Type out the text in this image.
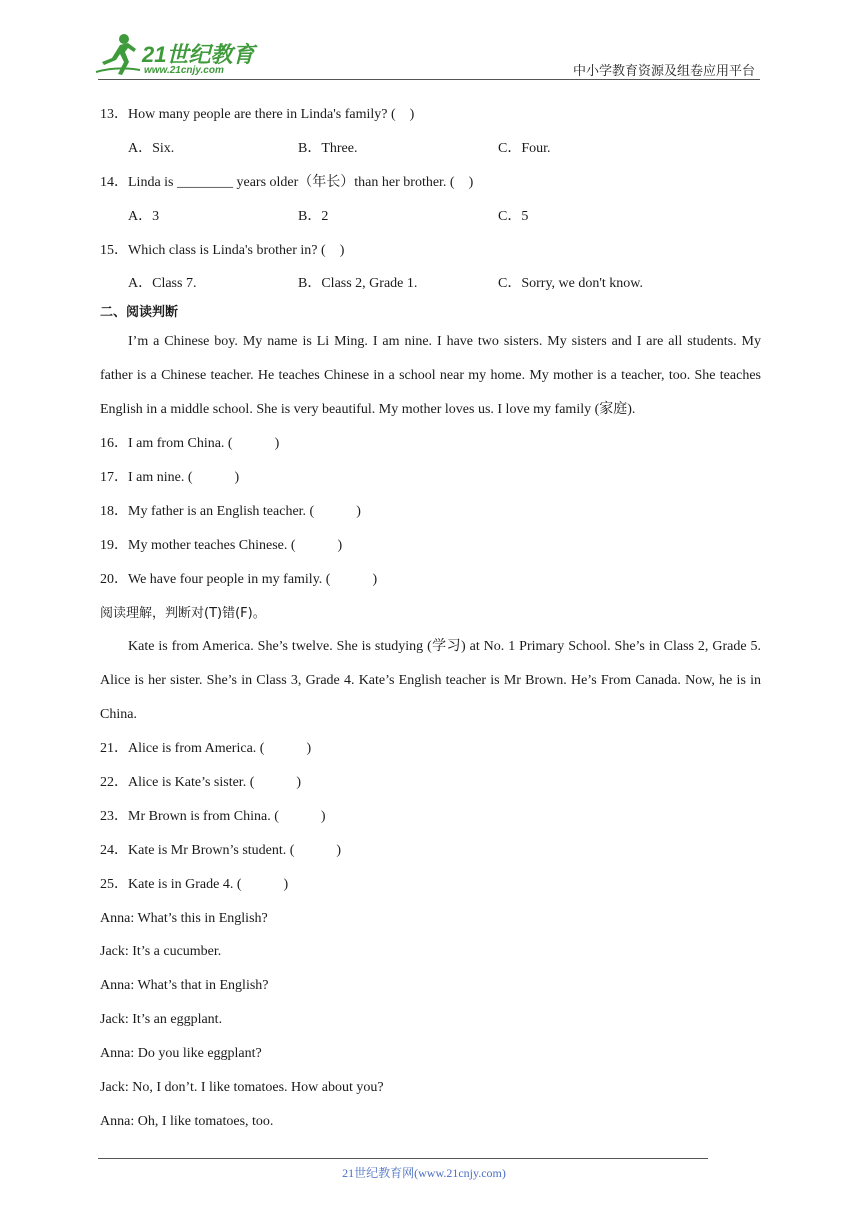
21世纪教育
www.21cnjy.com	中小学教育资源及组卷应用平台
13．How many people are there in Linda's family? (　)
A．Six.	B．Three.	C．Four.
14．Linda is ________ years older（年长）than her brother. (　)
A．3	B．2	C．5
15．Which class is Linda's brother in? (　)
A．Class 7.	B．Class 2, Grade 1.	C．Sorry, we don't know.
二、阅读判断

I’m a Chinese boy. My name is Li Ming. I am nine. I have two sisters. My sisters and I are all students. My father is a Chinese teacher. He teaches Chinese in a school near my home. My mother is a teacher, too. She teaches English in a middle school. She is very beautiful. My mother loves us. I love my family (家庭).

16．I am from China. (　　　)
17．I am nine. (　　　)
18．My father is an English teacher. (　　　)
19．My mother teaches Chinese. (　　　)
20．We have four people in my family. (　　　)
阅读理解，判断对(T)错(F)。

Kate is from America. She’s twelve. She is studying (学习) at No. 1 Primary School. She’s in Class 2, Grade 5. Alice is her sister. She’s in Class 3, Grade 4. Kate’s English teacher is Mr Brown. He’s From Canada. Now, he is in China.

21．Alice is from America. (　　　)
22．Alice is Kate’s sister. (　　　)
23．Mr Brown is from China. (　　　)
24．Kate is Mr Brown’s student. (　　　)
25．Kate is in Grade 4. (　　　)
Anna: What’s this in English?
Jack: It’s a cucumber.
Anna: What’s that in English?
Jack: It’s an eggplant.
Anna: Do you like eggplant?
Jack: No, I don’t. I like tomatoes. How about you?
Anna: Oh, I like tomatoes, too.
21世纪教育网(www.21cnjy.com)
